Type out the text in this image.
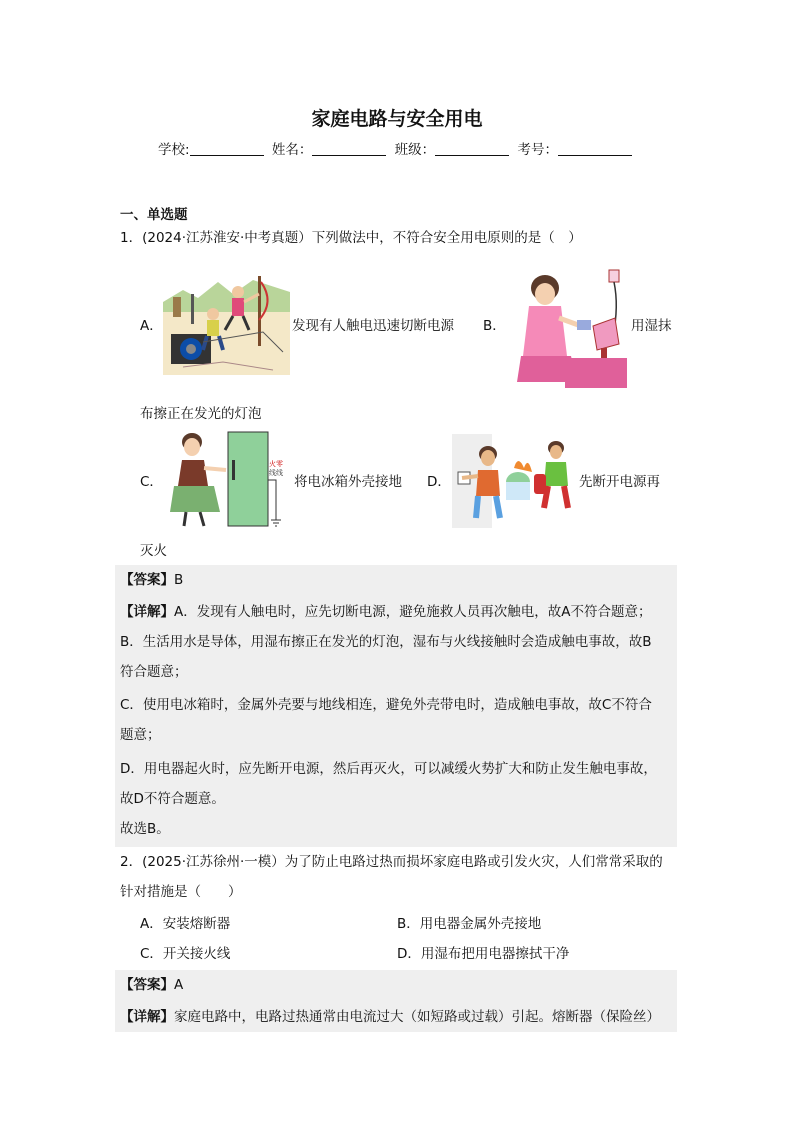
家庭电路与安全用电
学校:	姓名：	班级：	考号：
一、单选题
1．(2024·江苏淮安·中考真题）下列做法中，不符合安全用电原则的是（　）
A．	发现有人触电迅速切断电源 B．	用湿抹
布擦正在发光的灯泡
C．
火零
线线
将电冰箱外壳接地 D．	先断开电源再
灭火
【答案】B
【详解】A．发现有人触电时，应先切断电源，避免施救人员再次触电，故A不符合题意；
B．生活用水是导体，用湿布擦正在发光的灯泡，湿布与火线接触时会造成触电事故，故B
符合题意；
C．使用电冰箱时，金属外壳要与地线相连，避免外壳带电时，造成触电事故，故C不符合
题意；
D．用电器起火时，应先断开电源，然后再灭火，可以减缓火势扩大和防止发生触电事故，
故D不符合题意。
故选B。
2．(2025·江苏徐州·一模）为了防止电路过热而损坏家庭电路或引发火灾，人们常常采取的
针对措施是（　　）
A．安装熔断器	B．用电器金属外壳接地
C．开关接火线	D．用湿布把用电器擦拭干净
【答案】A
【详解】家庭电路中，电路过热通常由电流过大（如短路或过载）引起。熔断器（保险丝）
